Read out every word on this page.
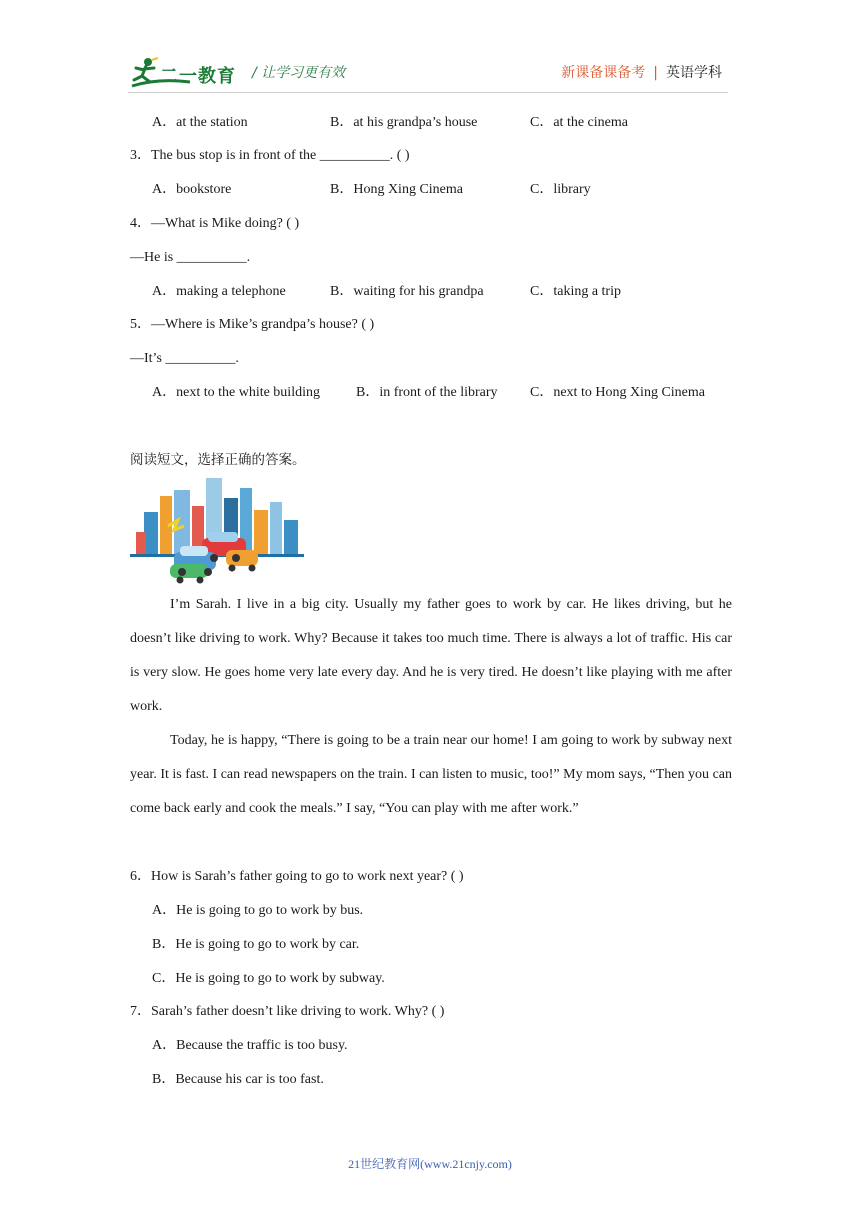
二一教育 / 让学习更有效	新课备课备考 | 英语学科
A．at the station	B．at his grandpa’s house	C．at the cinema
3．The bus stop is in front of the __________. ( )
A．bookstore	B．Hong Xing Cinema	C．library
4．—What is Mike doing? ( )
—He is __________.
A．making a telephone	B．waiting for his grandpa	C．taking a trip
5．—Where is Mike’s grandpa’s house? ( )
—It’s __________.
A．next to the white building	B．in front of the library C．next to Hong Xing Cinema
阅读短文，选择正确的答案。
I’m Sarah. I live in a big city. Usually my father goes to work by car. He likes driving, but he doesn’t like driving to work. Why? Because it takes too much time. There is always a lot of traffic. His car is very slow. He goes home very late every day. And he is very tired. He doesn’t like playing with me after work.
Today, he is happy, “There is going to be a train near our home! I am going to work by subway next year. It is fast. I can read newspapers on the train. I can listen to music, too!” My mom says, “Then you can come back early and cook the meals.” I say, “You can play with me after work.”
6．How is Sarah’s father going to go to work next year? ( )
A．He is going to go to work by bus.
B．He is going to go to work by car.
C．He is going to go to work by subway.
7．Sarah’s father doesn’t like driving to work. Why? ( )
A．Because the traffic is too busy.
B．Because his car is too fast.
21世纪教育网(www.21cnjy.com)
